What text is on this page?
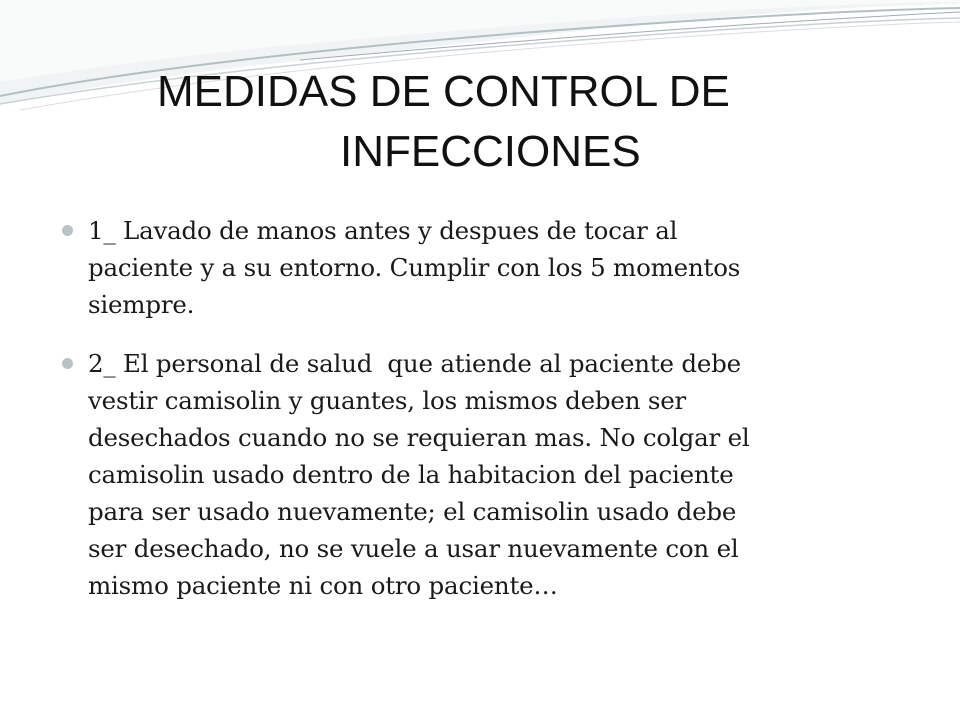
MEDIDAS DE CONTROL DE
INFECCIONES
1_ Lavado de manos antes y despues de tocar al
paciente y a su entorno. Cumplir con los 5 momentos
siempre.
2_ El personal de salud  que atiende al paciente debe
vestir camisolin y guantes, los mismos deben ser
desechados cuando no se requieran mas. No colgar el
camisolin usado dentro de la habitacion del paciente
para ser usado nuevamente; el camisolin usado debe
ser desechado, no se vuele a usar nuevamente con el
mismo paciente ni con otro paciente…
